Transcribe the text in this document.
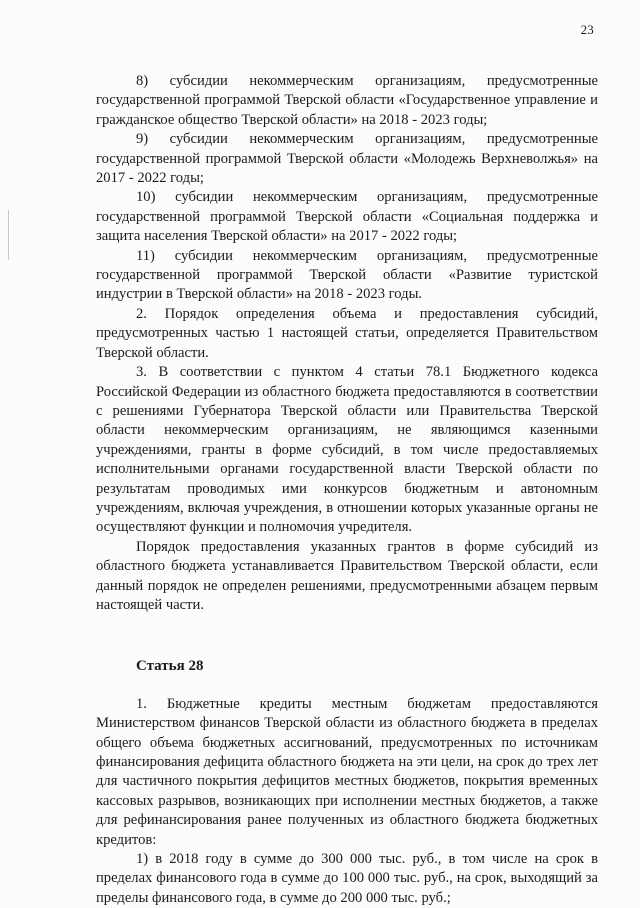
23

8) субсидии некоммерческим организациям, предусмотренные государственной программой Тверской области «Государственное управление и гражданское общество Тверской области» на 2018 - 2023 годы;

9) субсидии некоммерческим организациям, предусмотренные государственной программой Тверской области «Молодежь Верхневолжья» на 2017 - 2022 годы;

10) субсидии некоммерческим организациям, предусмотренные государственной программой Тверской области «Социальная поддержка и защита населения Тверской области» на 2017 - 2022 годы;

11) субсидии некоммерческим организациям, предусмотренные государственной программой Тверской области «Развитие туристской индустрии в Тверской области» на 2018 - 2023 годы.

2. Порядок определения объема и предоставления субсидий, предусмотренных частью 1 настоящей статьи, определяется Правительством Тверской области.

3. В соответствии с пунктом 4 статьи 78.1 Бюджетного кодекса Российской Федерации из областного бюджета предоставляются в соответствии с решениями Губернатора Тверской области или Правительства Тверской области некоммерческим организациям, не являющимся казенными учреждениями, гранты в форме субсидий, в том числе предоставляемых исполнительными органами государственной власти Тверской области по результатам проводимых ими конкурсов бюджетным и автономным учреждениям, включая учреждения, в отношении которых указанные органы не осуществляют функции и полномочия учредителя.

Порядок предоставления указанных грантов в форме субсидий из областного бюджета устанавливается Правительством Тверской области, если данный порядок не определен решениями, предусмотренными абзацем первым настоящей части.

Статья 28

1. Бюджетные кредиты местным бюджетам предоставляются Министерством финансов Тверской области из областного бюджета в пределах общего объема бюджетных ассигнований, предусмотренных по источникам финансирования дефицита областного бюджета на эти цели, на срок до трех лет для частичного покрытия дефицитов местных бюджетов, покрытия временных кассовых разрывов, возникающих при исполнении местных бюджетов, а также для рефинансирования ранее полученных из областного бюджета бюджетных кредитов:

1) в 2018 году в сумме до 300 000 тыс. руб., в том числе на срок в пределах финансового года в сумме до 100 000 тыс. руб., на срок, выходящий за пределы финансового года, в сумме до 200 000 тыс. руб.;
